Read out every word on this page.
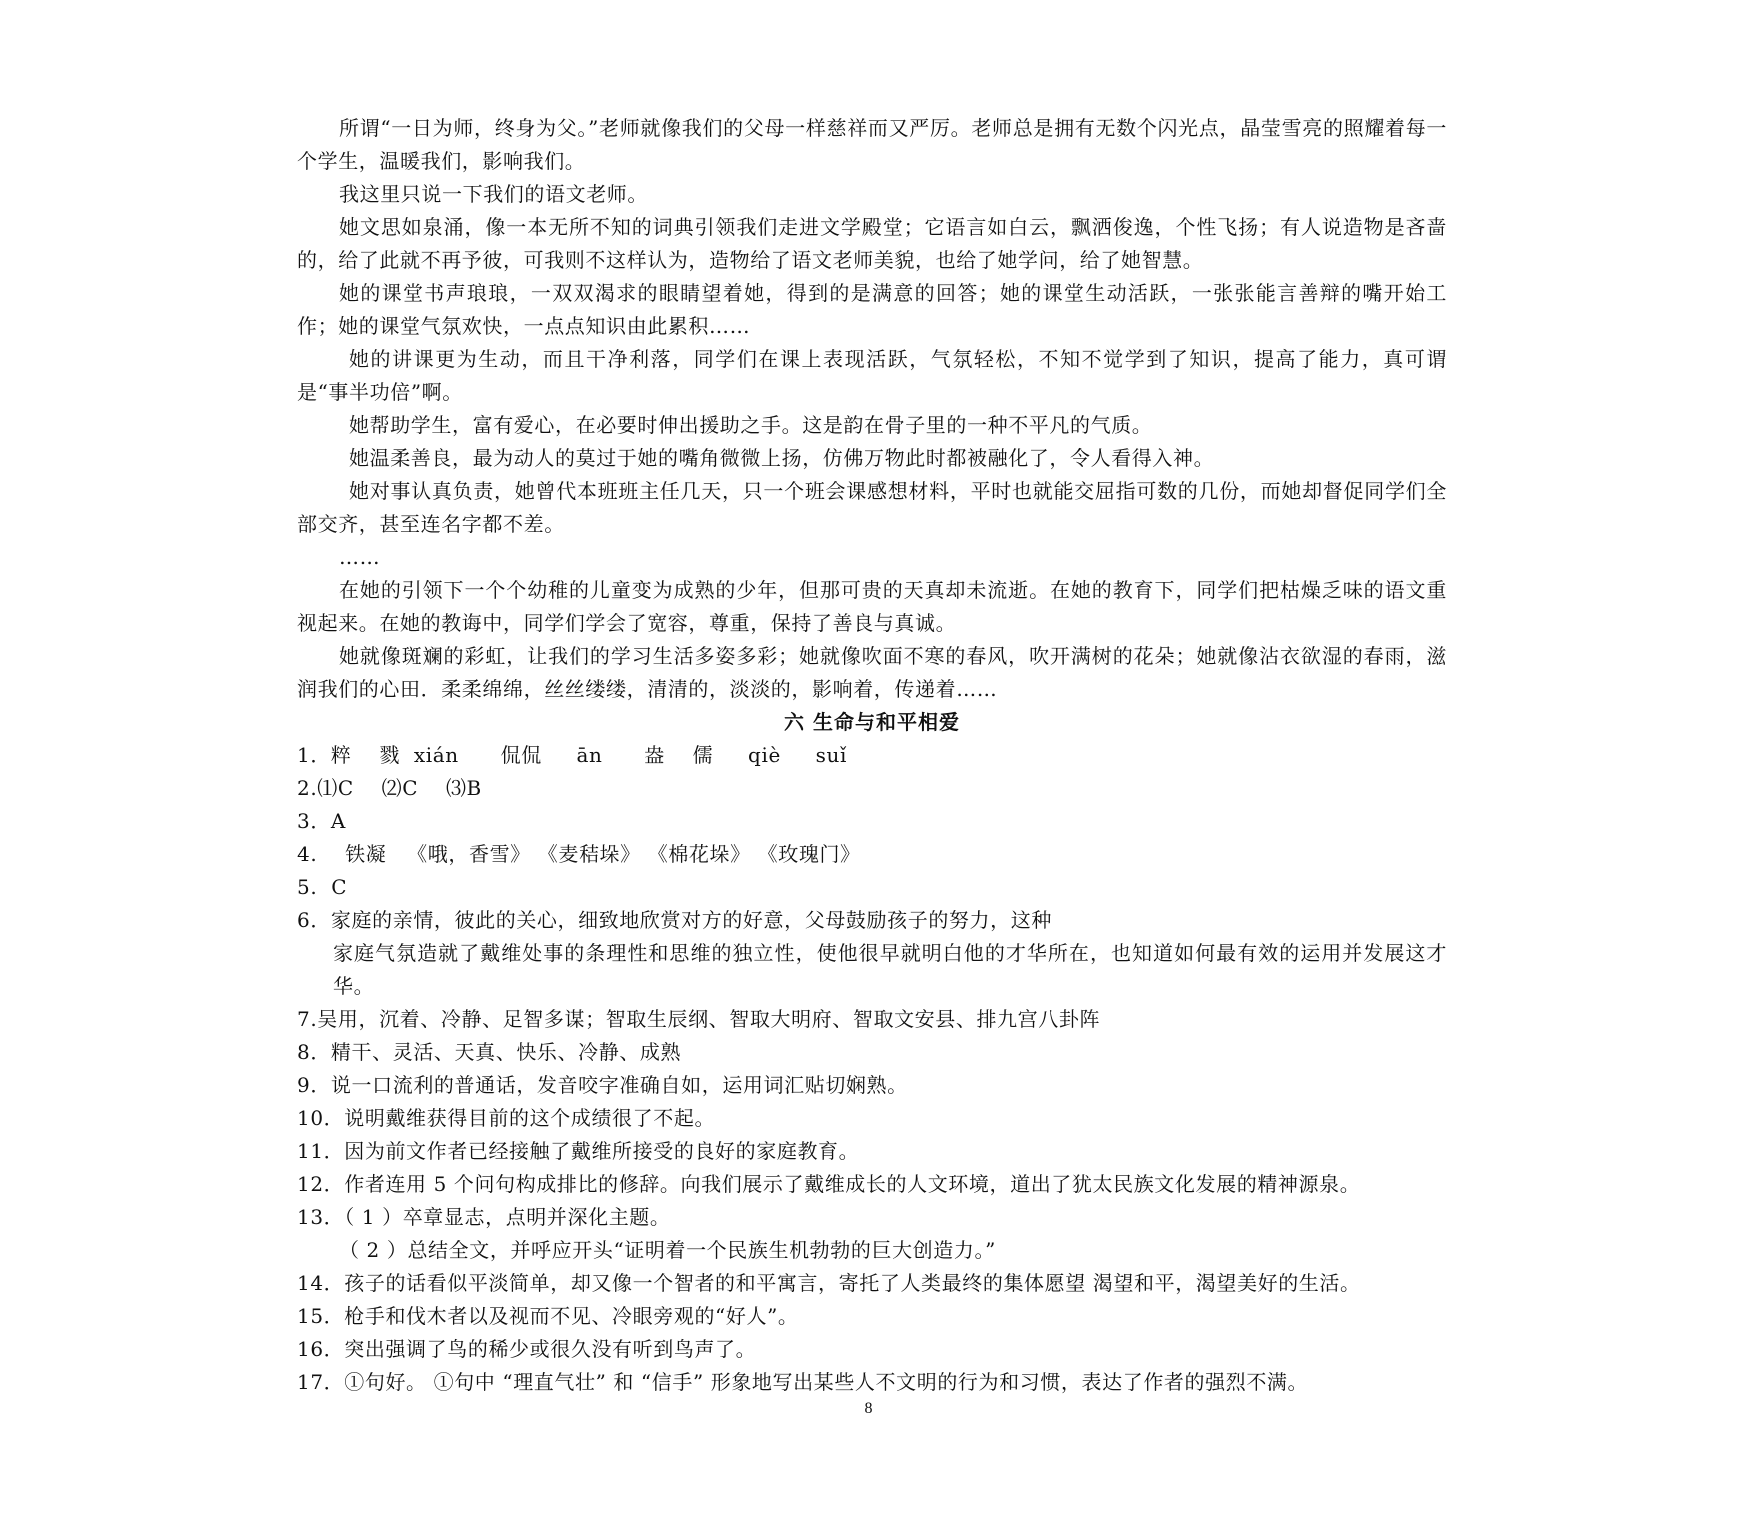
所谓“一日为师，终身为父。”老师就像我们的父母一样慈祥而又严厉。老师总是拥有无数个闪光点，晶莹雪亮的照耀着每一个学生，温暖我们，影响我们。

我这里只说一下我们的语文老师。

她文思如泉涌，像一本无所不知的词典引领我们走进文学殿堂；它语言如白云，飘洒俊逸，个性飞扬；有人说造物是吝啬的，给了此就不再予彼，可我则不这样认为，造物给了语文老师美貌，也给了她学问，给了她智慧。

她的课堂书声琅琅，一双双渴求的眼睛望着她，得到的是满意的回答；她的课堂生动活跃，一张张能言善辩的嘴开始工作；她的课堂气氛欢快，一点点知识由此累积……

她的讲课更为生动，而且干净利落，同学们在课上表现活跃，气氛轻松，不知不觉学到了知识，提高了能力，真可谓是“事半功倍”啊。

她帮助学生，富有爱心，在必要时伸出援助之手。这是韵在骨子里的一种不平凡的气质。

她温柔善良，最为动人的莫过于她的嘴角微微上扬，仿佛万物此时都被融化了，令人看得入神。

她对事认真负责，她曾代本班班主任几天，只一个班会课感想材料，平时也就能交屈指可数的几份，而她却督促同学们全部交齐，甚至连名字都不差。

……

在她的引领下一个个幼稚的儿童变为成熟的少年，但那可贵的天真却未流逝。在她的教育下，同学们把枯燥乏味的语文重视起来。在她的教诲中，同学们学会了宽容，尊重，保持了善良与真诚。

她就像斑斓的彩虹，让我们的学习生活多姿多彩；她就像吹面不寒的春风，吹开满树的花朵；她就像沾衣欲湿的春雨，滋润我们的心田．柔柔绵绵，丝丝缕缕，清清的，淡淡的，影响着，传递着……

六 生命与和平相爱

1．粹    戮  xián      侃侃     ān      盎    儒     qiè     suǐ

2.⑴C    ⑵C    ⑶B

3．A

4.    铁凝   《哦，香雪》 《麦秸垛》 《棉花垛》 《玫瑰门》

5.  C

6．家庭的亲情，彼此的关心，细致地欣赏对方的好意，父母鼓励孩子的努力，这种

家庭气氛造就了戴维处事的条理性和思维的独立性，使他很早就明白他的才华所在，也知道如何最有效的运用并发展这才华。

7.吴用，沉着、冷静、足智多谋；智取生辰纲、智取大明府、智取文安县、排九宫八卦阵

8．精干、灵活、天真、快乐、冷静、成熟

9．说一口流利的普通话，发音咬字准确自如，运用词汇贴切娴熟。

10．说明戴维获得目前的这个成绩很了不起。

11．因为前文作者已经接触了戴维所接受的良好的家庭教育。

12．作者连用 5 个问句构成排比的修辞。向我们展示了戴维成长的人文环境，道出了犹太民族文化发展的精神源泉。

13．（ 1 ）卒章显志，点明并深化主题。

（ 2 ）总结全文，并呼应开头“证明着一个民族生机勃勃的巨大创造力。”

14．孩子的话看似平淡简单，却又像一个智者的和平寓言，寄托了人类最终的集体愿望 渴望和平，渴望美好的生活。

15．枪手和伐木者以及视而不见、冷眼旁观的“好人”。

16．突出强调了鸟的稀少或很久没有听到鸟声了。

17．①句好。 ①句中 “理直气壮” 和 “信手” 形象地写出某些人不文明的行为和习惯，表达了作者的强烈不满。

8
